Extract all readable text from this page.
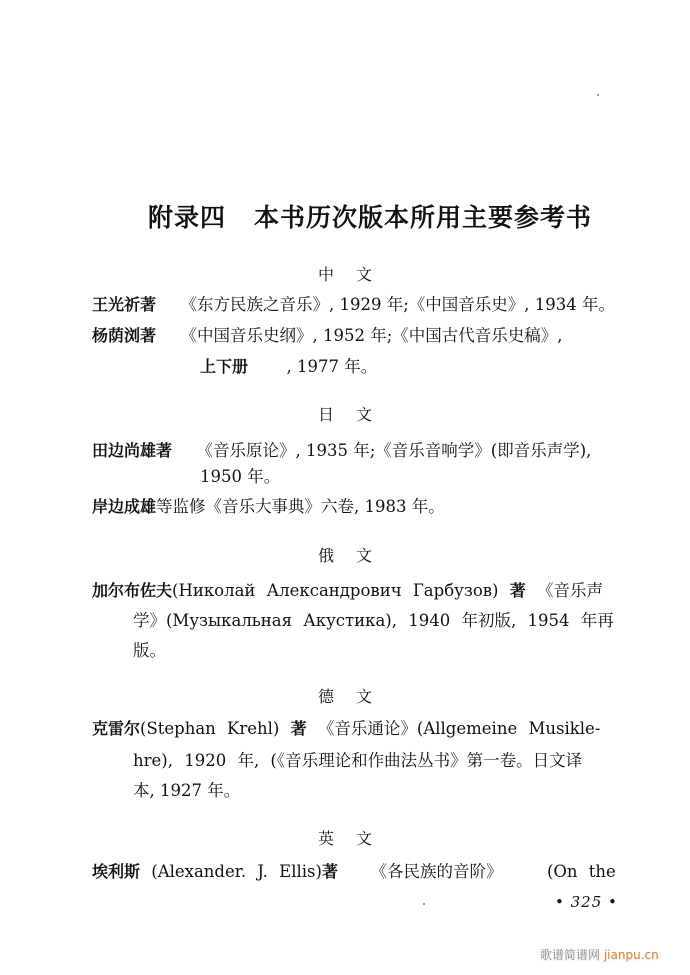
附录四 本书历次版本所用主要参考书
中文
王光祈著 《东方民族之音乐》, 1929 年;《中国音乐史》, 1934 年。
杨荫浏著 《中国音乐史纲》, 1952 年;《中国古代音乐史稿》,
上下册 , 1977 年。
日文
田边尚雄著 《音乐原论》, 1935 年;《音乐音响学》(即音乐声学),
1950 年。
岸边成雄等监修《音乐大事典》六卷, 1983 年。
俄文
加尔布佐夫(Николай Александрович Гарбузов) 著 《音乐声
学》(Музыкальная Акустика), 1940 年初版, 1954 年再
版。
德文
克雷尔(Stephan Krehl) 著 《音乐通论》(Allgemeine Musikle-
hre), 1920 年, (《音乐理论和作曲法丛书》第一卷。日文译
本, 1927 年。
英文
埃利斯 (Alexander. J. Ellis)著 《各民族的音阶》	(On the
• 325 •
歌谱简谱网 jianpu.cn
